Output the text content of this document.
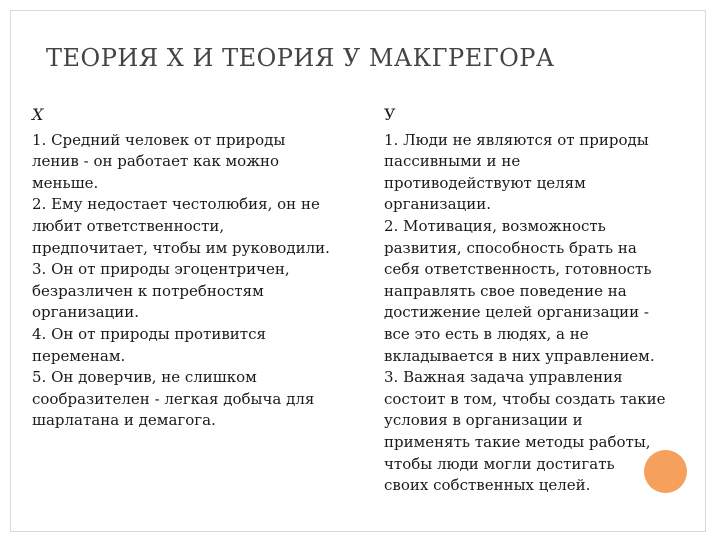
ТЕОРИЯ X И ТЕОРИЯ У МАКГРЕГОРА
X
1. Средний человек от природы
ленив - он работает как можно
меньше.
2. Ему недостает честолюбия, он не
любит ответственности,
предпочитает, чтобы им руководили.
3. Он от природы эгоцентричен,
безразличен к потребностям
организации.
4. Он от природы противится
переменам.
5. Он доверчив, не слишком
сообразителен - легкая добыча для
шарлатана и демагога.
У
1. Люди не являются от природы
пассивными и не
противодействуют целям
организации.
2. Мотивация, возможность
развития, способность брать на
себя ответственность, готовность
направлять свое поведение на
достижение целей организации -
все это есть в людях, а не
вкладывается в них управлением.
3. Важная задача управления
состоит в том, чтобы создать такие
условия в организации и
применять такие методы работы,
чтобы люди могли достигать
своих собственных целей.
